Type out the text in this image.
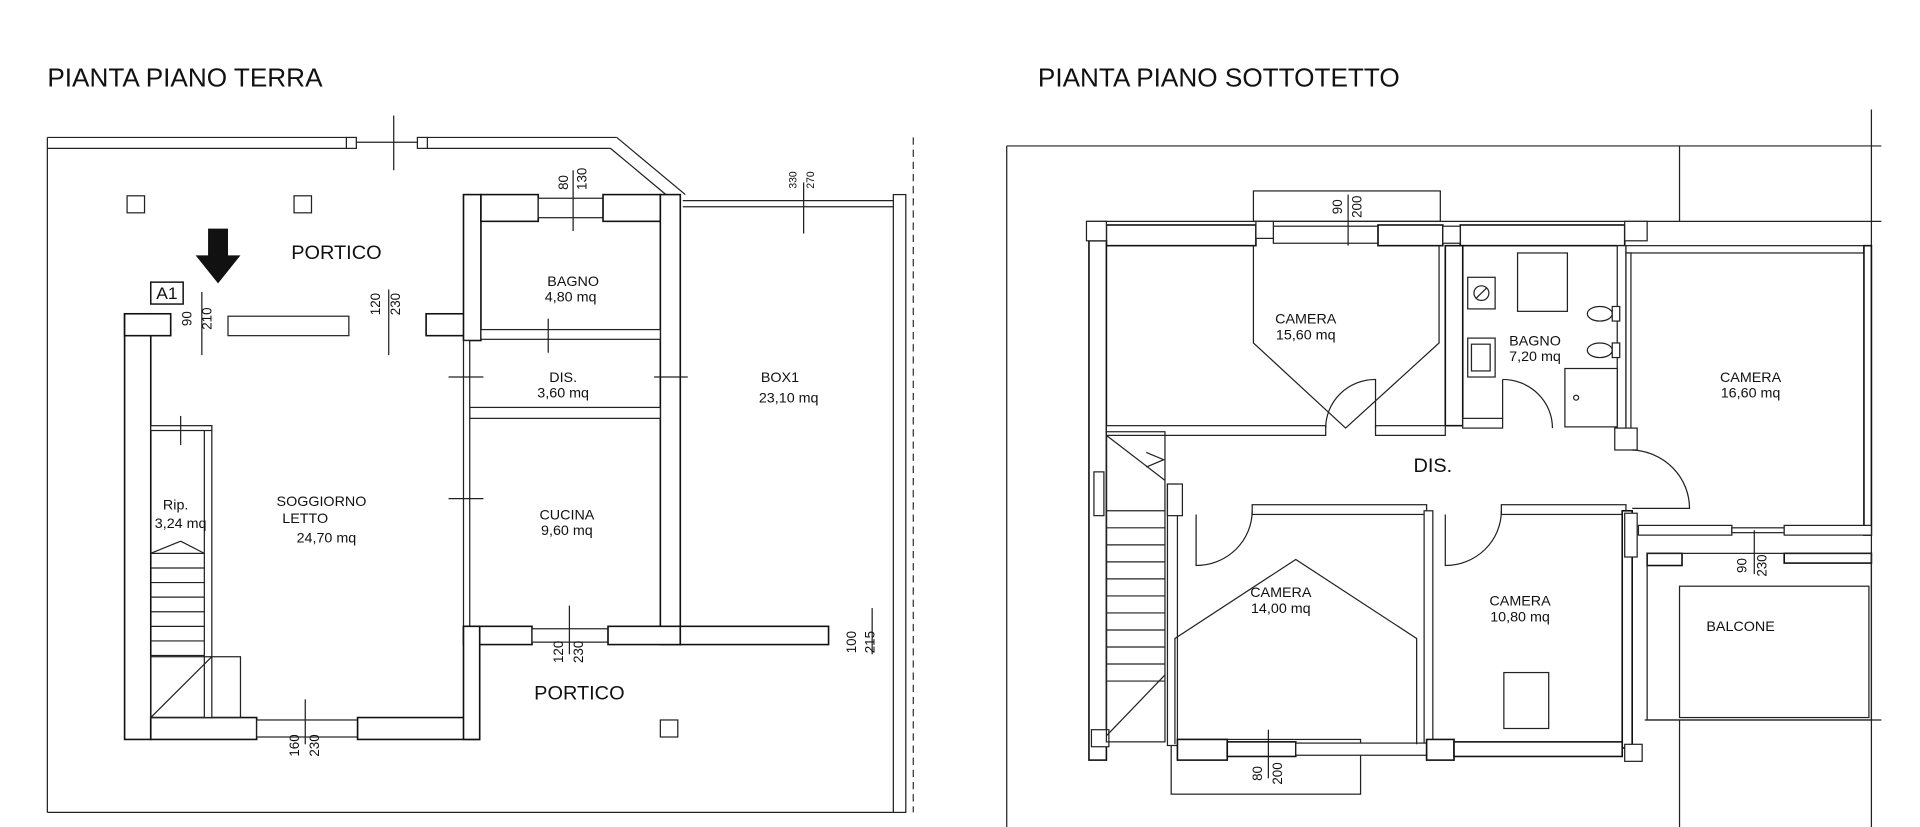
PIANTA PIANO TERRA
A1
90 210
120 230
80 130	330 270
160 230
120 230	100 215
PORTICO
BAGNO
4,80 mq
DIS.
3,60 mq
BOX1
23,10 mq
Rip.
3,24 mq
SOGGIORNO
LETTO
24,70 mq
CUCINA
9,60 mq
PORTICO
PIANTA PIANO SOTTOTETTO
90 200
90 230
80 200
CAMERA
15,60 mq	BAGNO
7,20 mq
CAMERA
16,60 mq
DIS.
CAMERA
14,00 mq	CAMERA
10,80 mq
BALCONE
